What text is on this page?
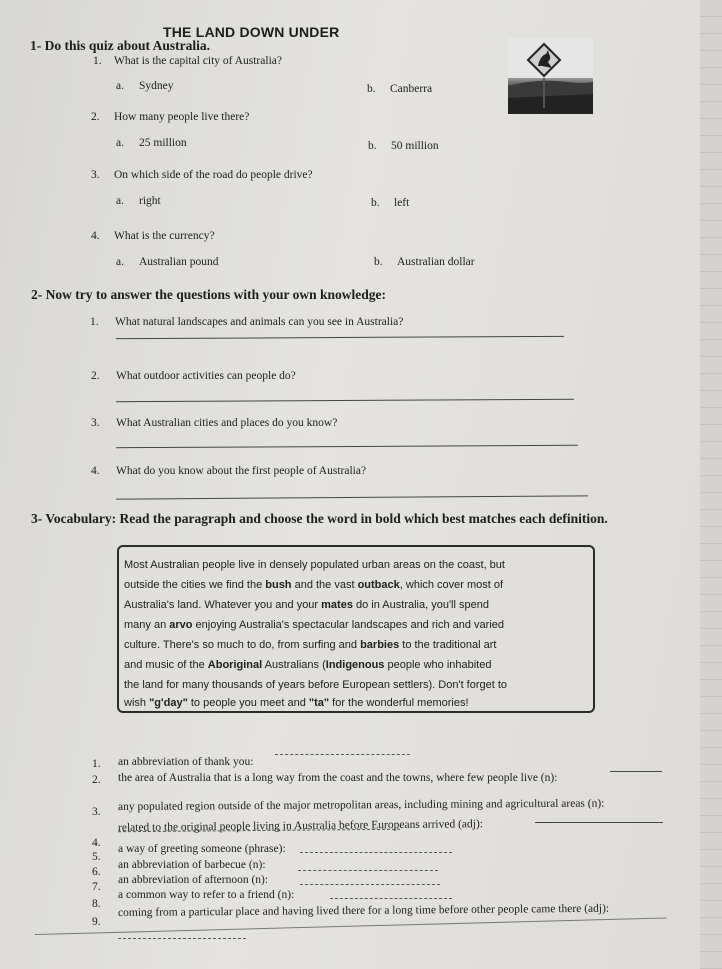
THE LAND DOWN UNDER
1- Do this quiz about Australia.
1. What is the capital city of Australia?
a. Sydney	b. Canberra
2. How many people live there?
a. 25 million	b. 50 million
3. On which side of the road do people drive?
a. right	b. left
4. What is the currency?
a. Australian pound	b. Australian dollar
2- Now try to answer the questions with your own knowledge:
1. What natural landscapes and animals can you see in Australia?
2. What outdoor activities can people do?
3. What Australian cities and places do you know?
4. What do you know about the first people of Australia?
3- Vocabulary: Read the paragraph and choose the word in bold which best matches each definition.
Most Australian people live in densely populated urban areas on the coast, but
outside the cities we find the bush and the vast outback, which cover most of
Australia's land. Whatever you and your mates do in Australia, you'll spend
many an arvo enjoying Australia's spectacular landscapes and rich and varied
culture. There's so much to do, from surfing and barbies to the traditional art
and music of the Aboriginal Australians (Indigenous people who inhabited
the land for many thousands of years before European settlers). Don't forget to
wish "g'day" to people you meet and "ta" for the wonderful memories!
1. an abbreviation of thank you:
2. the area of Australia that is a long way from the coast and the towns, where few people live (n):
3. any populated region outside of the major metropolitan areas, including mining and agricultural areas (n):
4.
related to the original people living in Australia before Europeans arrived (adj):
5.
a way of greeting someone (phrase):
6.
an abbreviation of barbecue (n):
7.
an abbreviation of afternoon (n):
8.
a common way to refer to a friend (n):
9.
coming from a particular place and having lived there for a long time before other people came there (adj):
